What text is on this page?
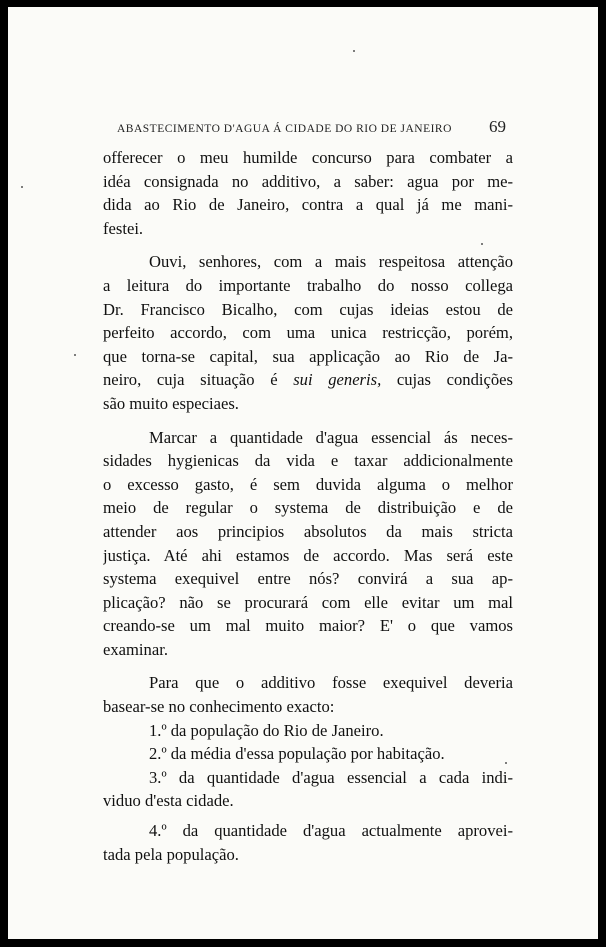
ABASTECIMENTO D'AGUA Á CIDADE DO RIO DE JANEIRO 69

offerecer o meu humilde concurso para combater a
idéa consignada no additivo, a saber: agua por me-
dida ao Rio de Janeiro, contra a qual já me mani-
festei.

Ouvi, senhores, com a mais respeitosa attenção
a leitura do importante trabalho do nosso collega
Dr. Francisco Bicalho, com cujas ideias estou de
perfeito accordo, com uma unica restricção, porém,
que torna-se capital, sua applicação ao Rio de Ja-
neiro, cuja situação é sui generis, cujas condições
são muito especiaes.

Marcar a quantidade d'agua essencial ás neces-
sidades hygienicas da vida e taxar addicionalmente
o excesso gasto, é sem duvida alguma o melhor
meio de regular o systema de distribuição e de
attender aos principios absolutos da mais stricta
justiça. Até ahi estamos de accordo. Mas será este
systema exequivel entre nós? convirá a sua ap-
plicação? não se procurará com elle evitar um mal
creando-se um mal muito maior? E' o que vamos
examinar.

Para que o additivo fosse exequivel deveria
basear-se no conhecimento exacto:

1.º da população do Rio de Janeiro.
2.º da média d'essa população por habitação.
3.º da quantidade d'agua essencial a cada indi-
viduo d'esta cidade.
4.º da quantidade d'agua actualmente aprovei-
tada pela população.
